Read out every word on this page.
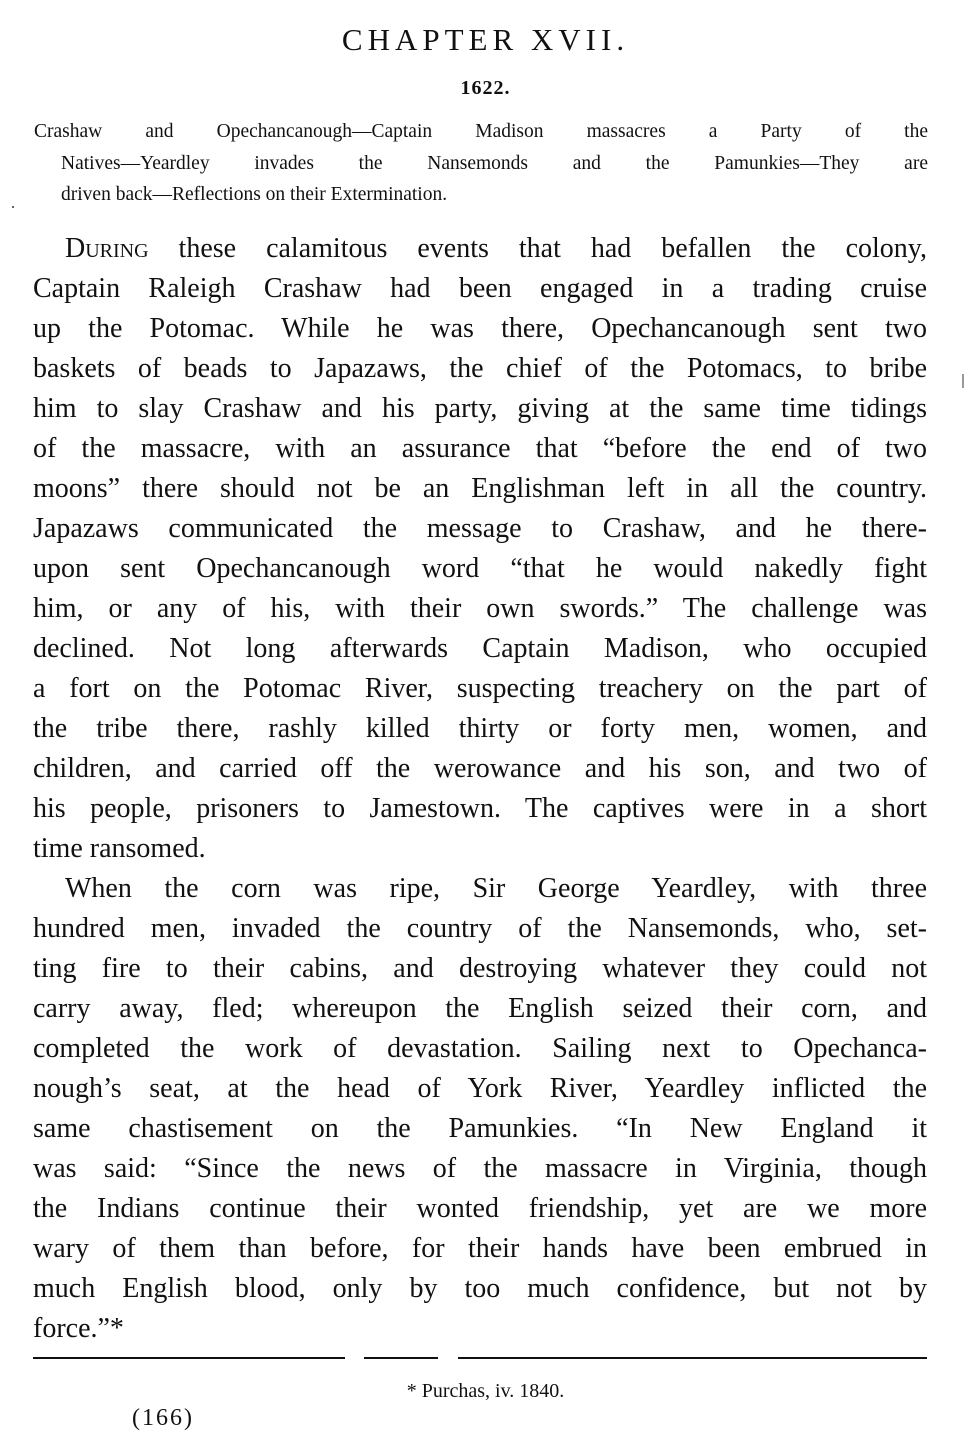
CHAPTER XVII.
1622.
Crashaw and Opechancanough—Captain Madison massacres a Party of the
Natives—Yeardley invades the Nansemonds and the Pamunkies—They are
driven back—Reflections on their Extermination.
During these calamitous events that had befallen the colony,
Captain Raleigh Crashaw had been engaged in a trading cruise
up the Potomac. While he was there, Opechancanough sent two
baskets of beads to Japazaws, the chief of the Potomacs, to bribe
him to slay Crashaw and his party, giving at the same time tidings
of the massacre, with an assurance that “before the end of two
moons” there should not be an Englishman left in all the country.
Japazaws communicated the message to Crashaw, and he there-
upon sent Opechancanough word “that he would nakedly fight
him, or any of his, with their own swords.” The challenge was
declined. Not long afterwards Captain Madison, who occupied
a fort on the Potomac River, suspecting treachery on the part of
the tribe there, rashly killed thirty or forty men, women, and
children, and carried off the werowance and his son, and two of
his people, prisoners to Jamestown. The captives were in a short
time ransomed.
When the corn was ripe, Sir George Yeardley, with three
hundred men, invaded the country of the Nansemonds, who, set-
ting fire to their cabins, and destroying whatever they could not
carry away, fled; whereupon the English seized their corn, and
completed the work of devastation. Sailing next to Opechanca-
nough’s seat, at the head of York River, Yeardley inflicted the
same chastisement on the Pamunkies. “In New England it
was said: “Since the news of the massacre in Virginia, though
the Indians continue their wonted friendship, yet are we more
wary of them than before, for their hands have been embrued in
much English blood, only by too much confidence, but not by
force.”*
* Purchas, iv. 1840.
(166)
